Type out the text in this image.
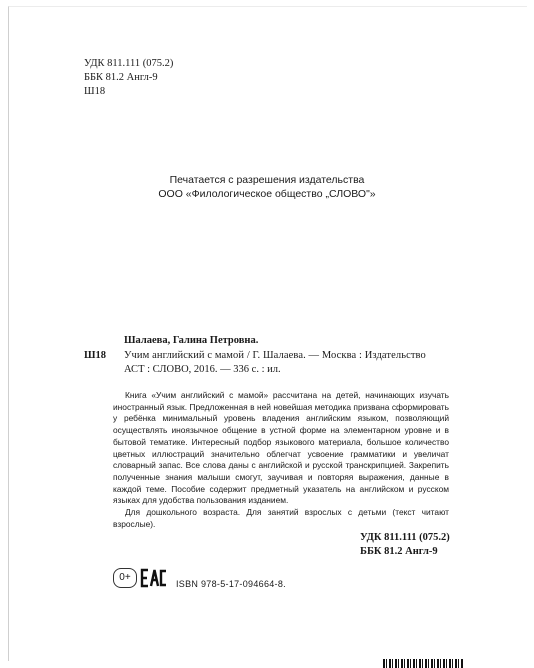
УДК 811.111 (075.2)
ББК 81.2 Англ-9
Ш18
Печатается с разрешения издательства
ООО «Филологическое общество „СЛОВО"»
Ш18
Шалаева, Галина Петровна.
Учим английский с мамой / Г. Шалаева. — Москва : Издательство
АСТ : СЛОВО, 2016. — 336 с. : ил.

Книга «Учим английский с мамой» рассчитана на детей, начинающих изучать иностранный язык. Предложенная в ней новейшая методика призвана сформировать у ребёнка минимальный уровень владения английским языком, позволяющий осуществлять иноязычное общение в устной форме на элементарном уровне и в бытовой тематике. Интересный подбор языкового материала, большое количество цветных иллюстраций значительно облегчат усвоение грамматики и увеличат словарный запас. Все слова даны с английской и русской транскрипцией. Закрепить полученные знания малыши смогут, заучивая и повторяя выражения, данные в каждой теме. Пособие содержит предметный указатель на английском и русском языках для удобства пользования изданием.

Для дошкольного возраста. Для занятий взрослых с детьми (текст читают взрослые).

УДК 811.111 (075.2)
ББК 81.2 Англ-9
0+
ISBN 978-5-17-094664-8.
